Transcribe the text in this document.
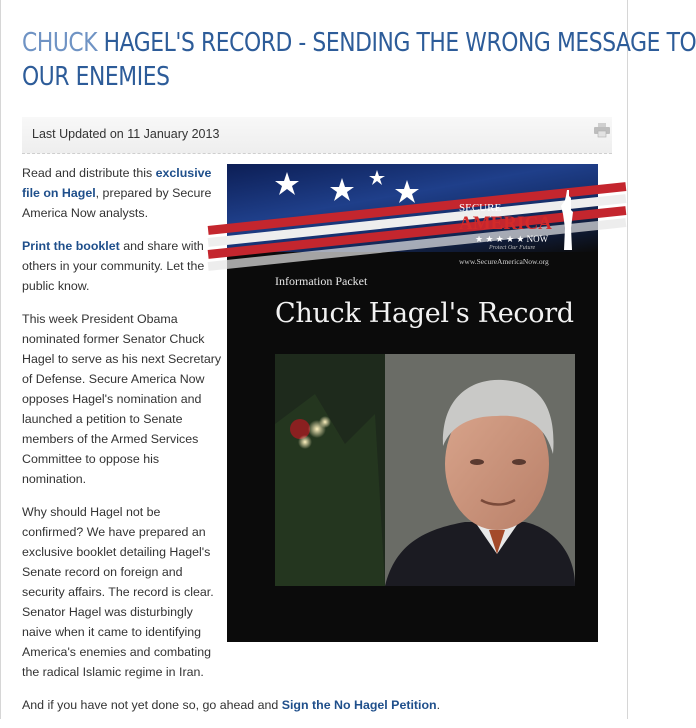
CHUCK HAGEL'S RECORD - SENDING THE WRONG MESSAGE TO
OUR ENEMIES
Last Updated on 11 January 2013

Read and distribute this exclusive file on Hagel, prepared by Secure America Now analysts.

Print the booklet and share with others in your community. Let the public know.

This week President Obama nominated former Senator Chuck Hagel to serve as his next Secretary of Defense. Secure America Now opposes Hagel's nomination and launched a petition to Senate members of the Armed Services Committee to oppose his nomination.

Why should Hagel not be confirmed? We have prepared an exclusive booklet detailing Hagel's Senate record on foreign and security affairs. The record is clear. Senator Hagel was disturbingly naive when it came to identifying America's enemies and combating the radical Islamic regime in Iran.

And if you have not yet done so, go ahead and Sign the No Hagel Petition.

SECURE
AMERICA
★ ★ ★ ★ ★ NOW
Protect Our Future
www.SecureAmericaNow.org
Information Packet
Chuck Hagel's Record
